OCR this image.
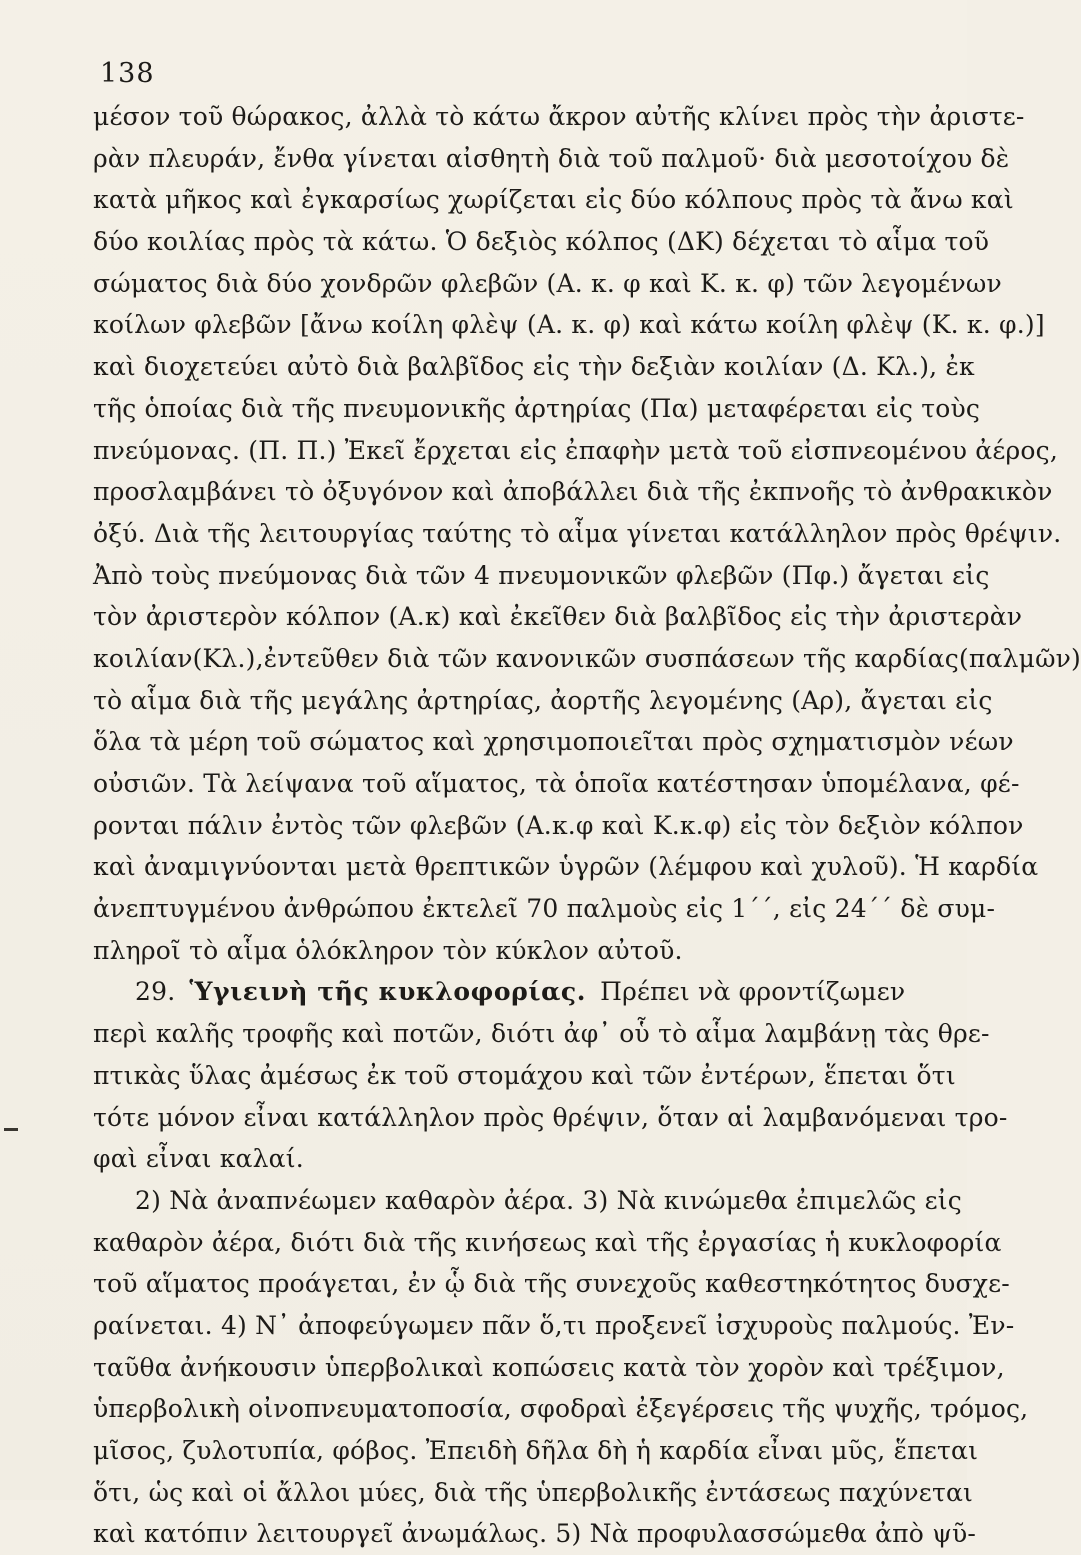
138
μέσον τοῦ θώρακος, ἀλλὰ τὸ κάτω ἄκρον αὐτῆς κλίνει πρὸς τὴν ἀριστε-
ρὰν πλευράν, ἔνθα γίνεται αἰσθητὴ διὰ τοῦ παλμοῦ· διὰ μεσοτοίχου δὲ
κατὰ μῆκος καὶ ἐγκαρσίως χωρίζεται εἰς δύο κόλπους πρὸς τὰ ἄνω καὶ
δύο κοιλίας πρὸς τὰ κάτω. Ὁ δεξιὸς κόλπος (ΔΚ) δέχεται τὸ αἷμα τοῦ
σώματος διὰ δύο χονδρῶν φλεβῶν (Α. κ. φ καὶ Κ. κ. φ) τῶν λεγομένων
κοίλων φλεβῶν [ἄνω κοίλη φλὲψ (Α. κ. φ) καὶ κάτω κοίλη φλὲψ (Κ. κ. φ.)]
καὶ διοχετεύει αὐτὸ διὰ βαλβῖδος εἰς τὴν δεξιὰν κοιλίαν (Δ. Κλ.), ἐκ
τῆς ὁποίας διὰ τῆς πνευμονικῆς ἀρτηρίας (Πα) μεταφέρεται εἰς τοὺς
πνεύμονας. (Π. Π.) Ἐκεῖ ἔρχεται εἰς ἐπαφὴν μετὰ τοῦ εἰσπνεομένου ἀέρος,
προσλαμβάνει τὸ ὀξυγόνον καὶ ἀποβάλλει διὰ τῆς ἐκπνοῆς τὸ ἀνθρακικὸν
ὀξύ. Διὰ τῆς λειτουργίας ταύτης τὸ αἷμα γίνεται κατάλληλον πρὸς θρέψιν.
Ἀπὸ τοὺς πνεύμονας διὰ τῶν 4 πνευμονικῶν φλεβῶν (Πφ.) ἄγεται εἰς
τὸν ἀριστερὸν κόλπον (Α.κ) καὶ ἐκεῖθεν διὰ βαλβῖδος εἰς τὴν ἀριστερὰν
κοιλίαν(Κλ.),ἐντεῦθεν διὰ τῶν κανονικῶν συσπάσεων τῆς καρδίας(παλμῶν)
τὸ αἷμα διὰ τῆς μεγάλης ἀρτηρίας, ἀορτῆς λεγομένης (Αρ), ἄγεται εἰς
ὅλα τὰ μέρη τοῦ σώματος καὶ χρησιμοποιεῖται πρὸς σχηματισμὸν νέων
οὐσιῶν. Τὰ λείψανα τοῦ αἵματος, τὰ ὁποῖα κατέστησαν ὑπομέλανα, φέ-
ρονται πάλιν ἐντὸς τῶν φλεβῶν (Α.κ.φ καὶ Κ.κ.φ) εἰς τὸν δεξιὸν κόλπον
καὶ ἀναμιγνύονται μετὰ θρεπτικῶν ὑγρῶν (λέμφου καὶ χυλοῦ). Ἡ καρδία
ἀνεπτυγμένου ἀνθρώπου ἐκτελεῖ 70 παλμοὺς εἰς 1΄΄, εἰς 24΄΄ δὲ συμ-
πληροῖ τὸ αἷμα ὁλόκληρον τὸν κύκλον αὐτοῦ.
29. Ὑγιεινὴ τῆς κυκλοφορίας. Πρέπει νὰ φροντίζωμεν
περὶ καλῆς τροφῆς καὶ ποτῶν, διότι ἀφ᾿ οὗ τὸ αἷμα λαμβάνῃ τὰς θρε-
πτικὰς ὕλας ἀμέσως ἐκ τοῦ στομάχου καὶ τῶν ἐντέρων, ἕπεται ὅτι
τότε μόνον εἶναι κατάλληλον πρὸς θρέψιν, ὅταν αἱ λαμβανόμεναι τρο-
φαὶ εἶναι καλαί.
2) Νὰ ἀναπνέωμεν καθαρὸν ἀέρα. 3) Νὰ κινώμεθα ἐπιμελῶς εἰς
καθαρὸν ἀέρα, διότι διὰ τῆς κινήσεως καὶ τῆς ἐργασίας ἡ κυκλοφορία
τοῦ αἵματος προάγεται, ἐν ᾧ διὰ τῆς συνεχοῦς καθεστηκότητος δυσχε-
ραίνεται. 4) Ν᾿ ἀποφεύγωμεν πᾶν ὅ,τι προξενεῖ ἰσχυροὺς παλμούς. Ἐν-
ταῦθα ἀνήκουσιν ὑπερβολικαὶ κοπώσεις κατὰ τὸν χορὸν καὶ τρέξιμον,
ὑπερβολικὴ οἰνοπνευματοποσία, σφοδραὶ ἐξεγέρσεις τῆς ψυχῆς, τρόμος,
μῖσος, ζυλοτυπία, φόβος. Ἐπειδὴ δῆλα δὴ ἡ καρδία εἶναι μῦς, ἕπεται
ὅτι, ὡς καὶ οἱ ἄλλοι μύες, διὰ τῆς ὑπερβολικῆς ἐντάσεως παχύνεται
καὶ κατόπιν λειτουργεῖ ἀνωμάλως. 5) Νὰ προφυλασσώμεθα ἀπὸ ψῦ-
